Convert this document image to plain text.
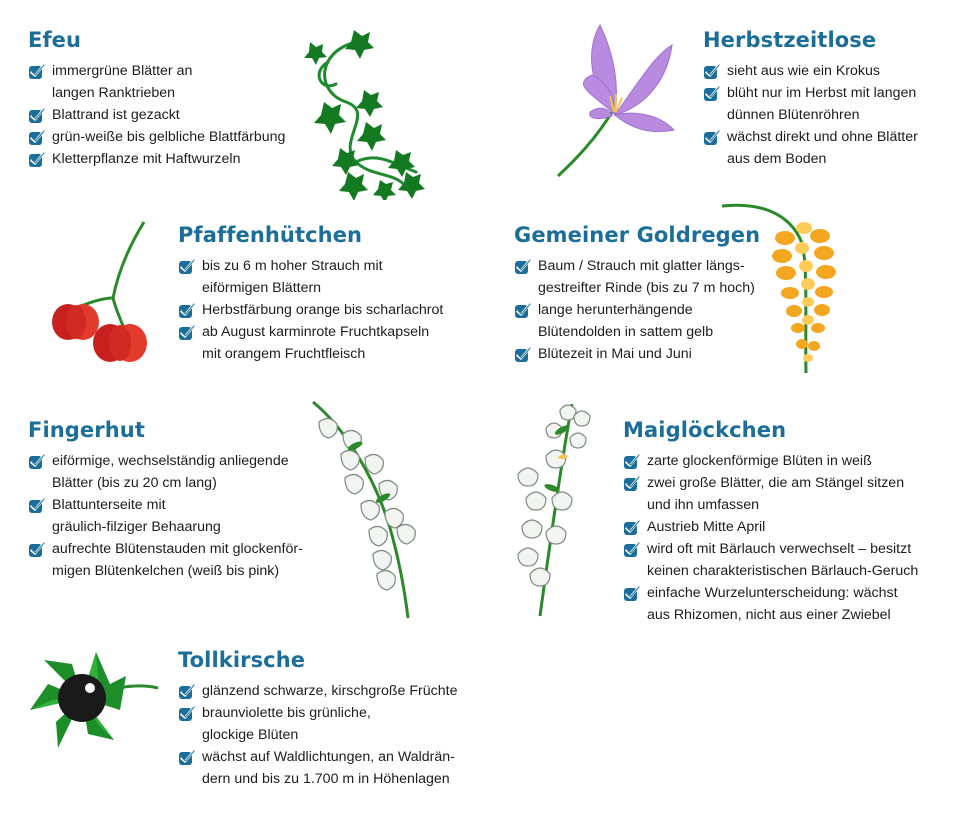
Efeu
immergrüne Blätter an
langen Ranktrieben
Blattrand ist gezackt
grün-weiße bis gelbliche Blattfärbung
Kletterpflanze mit Haftwurzeln
Herbstzeitlose
sieht aus wie ein Krokus
blüht nur im Herbst mit langen
dünnen Blütenröhren
wächst direkt und ohne Blätter
aus dem Boden
Pfaffenhütchen
bis zu 6 m hoher Strauch mit
eiförmigen Blättern
Herbstfärbung orange bis scharlachrot
ab August karminrote Fruchtkapseln
mit orangem Fruchtfleisch
Gemeiner Goldregen
Baum / Strauch mit glatter längs-
gestreifter Rinde (bis zu 7 m hoch)
lange herunterhängende
Blütendolden in sattem gelb
Blütezeit in Mai und Juni
Fingerhut
eiförmige, wechselständig anliegende
Blätter (bis zu 20 cm lang)
Blattunterseite mit
gräulich-filziger Behaarung
aufrechte Blütenstauden mit glockenför-
migen Blütenkelchen (weiß bis pink)
Maiglöckchen
zarte glockenförmige Blüten in weiß
zwei große Blätter, die am Stängel sitzen
und ihn umfassen
Austrieb Mitte April
wird oft mit Bärlauch verwechselt – besitzt
keinen charakteristischen Bärlauch-Geruch
einfache Wurzelunterscheidung: wächst
aus Rhizomen, nicht aus einer Zwiebel
Tollkirsche
glänzend schwarze, kirschgroße Früchte
braunviolette bis grünliche,
glockige Blüten
wächst auf Waldlichtungen, an Waldrän-
dern und bis zu 1.700 m in Höhenlagen
